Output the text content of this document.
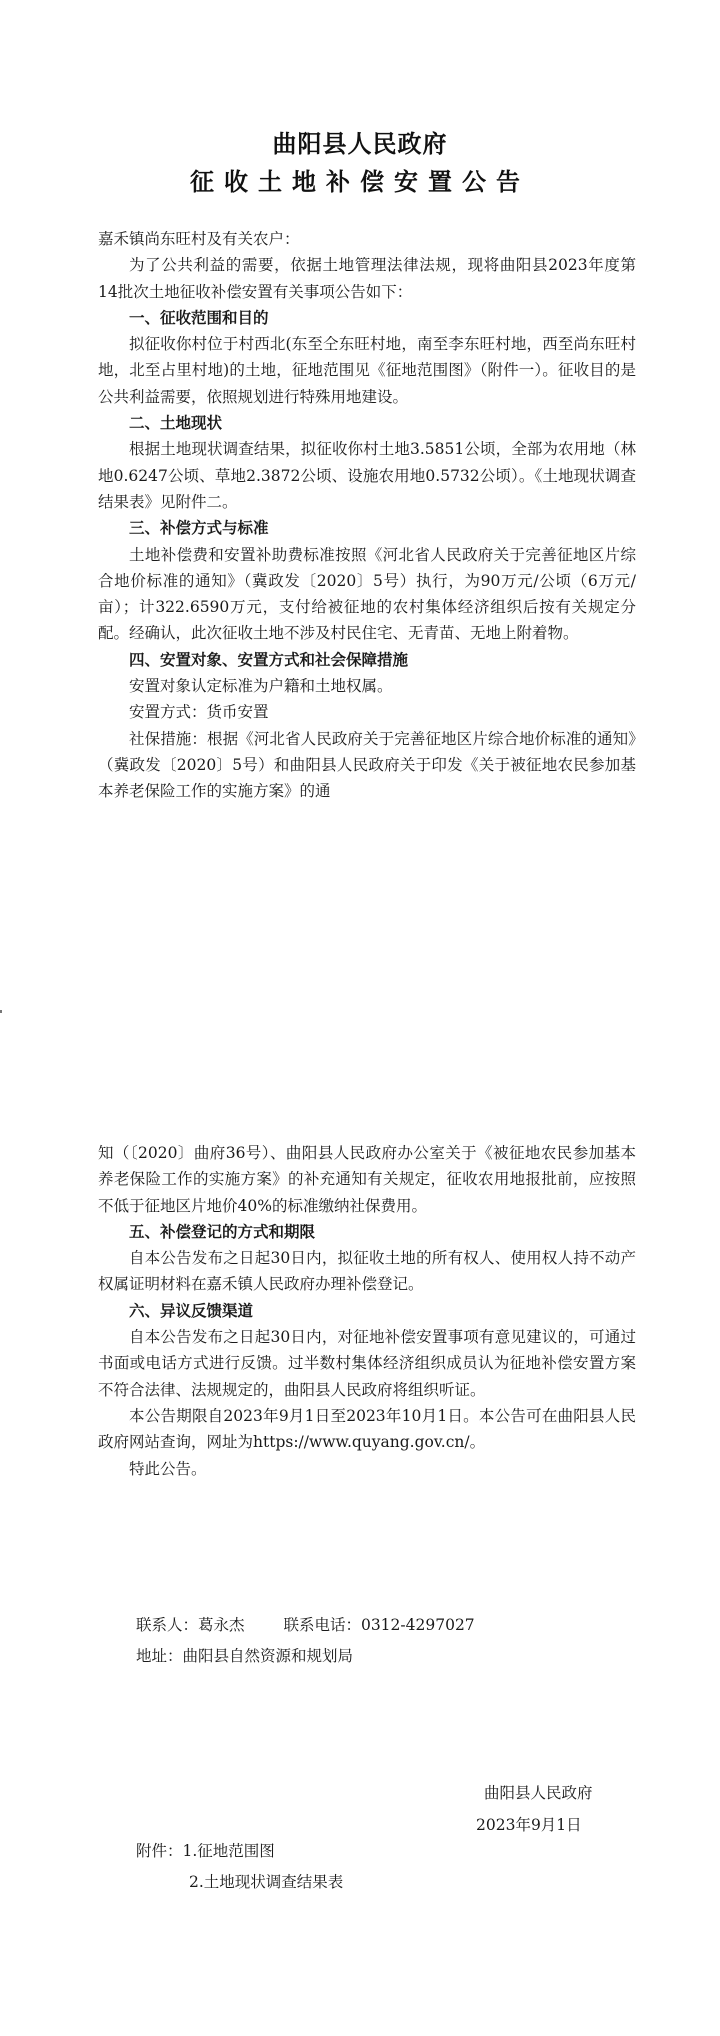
曲阳县人民政府
征收土地补偿安置公告

嘉禾镇尚东旺村及有关农户：

为了公共利益的需要，依据土地管理法律法规，现将曲阳县2023年度第14批次土地征收补偿安置有关事项公告如下：

一、征收范围和目的

拟征收你村位于村西北(东至仝东旺村地，南至李东旺村地，西至尚东旺村地，北至占里村地)的土地，征地范围见《征地范围图》（附件一）。征收目的是公共利益需要，依照规划进行特殊用地建设。

二、土地现状

根据土地现状调查结果，拟征收你村土地3.5851公顷，全部为农用地（林地0.6247公顷、草地2.3872公顷、设施农用地0.5732公顷）。《土地现状调查结果表》见附件二。

三、补偿方式与标准

土地补偿费和安置补助费标准按照《河北省人民政府关于完善征地区片综合地价标准的通知》（冀政发〔2020〕5号）执行，为90万元/公顷（6万元/亩）；计322.6590万元，支付给被征地的农村集体经济组织后按有关规定分配。经确认，此次征收土地不涉及村民住宅、无青苗、无地上附着物。

四、安置对象、安置方式和社会保障措施

安置对象认定标准为户籍和土地权属。

安置方式：货币安置

社保措施：根据《河北省人民政府关于完善征地区片综合地价标准的通知》（冀政发〔2020〕5号）和曲阳县人民政府关于印发《关于被征地农民参加基本养老保险工作的实施方案》的通

知（〔2020〕曲府36号）、曲阳县人民政府办公室关于《被征地农民参加基本养老保险工作的实施方案》的补充通知有关规定，征收农用地报批前，应按照不低于征地区片地价40%的标准缴纳社保费用。

五、补偿登记的方式和期限

自本公告发布之日起30日内，拟征收土地的所有权人、使用权人持不动产权属证明材料在嘉禾镇人民政府办理补偿登记。

六、异议反馈渠道

自本公告发布之日起30日内，对征地补偿安置事项有意见建议的，可通过书面或电话方式进行反馈。过半数村集体经济组织成员认为征地补偿安置方案不符合法律、法规规定的，曲阳县人民政府将组织听证。

本公告期限自2023年9月1日至2023年10月1日。本公告可在曲阳县人民政府网站查询，网址为https://www.quyang.gov.cn/。

特此公告。

联系人：葛永杰	联系电话：0312-4297027
地址：曲阳县自然资源和规划局
曲阳县人民政府
2023年9月1日
附件：1.征地范围图
2.土地现状调查结果表
